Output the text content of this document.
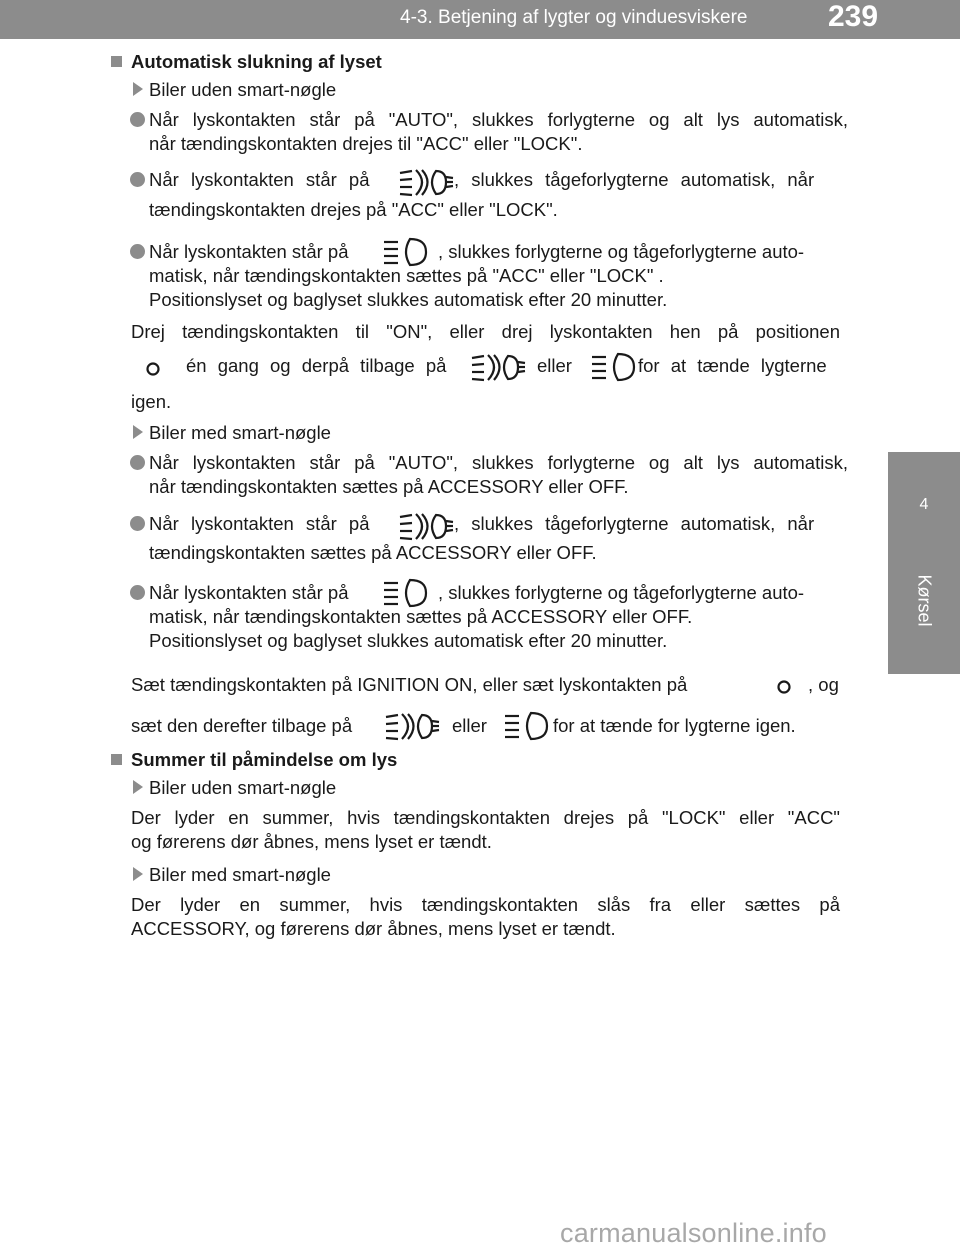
4-3. Betjening af lygter og vinduesviskere	239
4
Kørsel
Automatisk slukning af lyset
Biler uden smart-nøgle
Når lyskontakten står på "AUTO", slukkes forlygterne og alt lys automatisk,
når tændingskontakten drejes til "ACC" eller "LOCK".
Når lyskontakten står på	, slukkes tågeforlygterne automatisk, når
tændingskontakten drejes på "ACC" eller "LOCK".
Når lyskontakten står på	, slukkes forlygterne og tågeforlygterne auto-
matisk, når tændingskontakten sættes på "ACC" eller "LOCK" .
Positionslyset og baglyset slukkes automatisk efter 20 minutter.
Drej tændingskontakten til "ON", eller drej lyskontakten hen på positionen
én gang og derpå tilbage på	eller	for at tænde lygterne
igen.
Biler med smart-nøgle
Når lyskontakten står på "AUTO", slukkes forlygterne og alt lys automatisk,
når tændingskontakten sættes på ACCESSORY eller OFF.
Når lyskontakten står på	, slukkes tågeforlygterne automatisk, når
tændingskontakten sættes på ACCESSORY eller OFF.
Når lyskontakten står på	, slukkes forlygterne og tågeforlygterne auto-
matisk, når tændingskontakten sættes på ACCESSORY eller OFF.
Positionslyset og baglyset slukkes automatisk efter 20 minutter.
Sæt tændingskontakten på IGNITION ON, eller sæt lyskontakten på	, og
sæt den derefter tilbage på	eller	for at tænde for lygterne igen.
Summer til påmindelse om lys
Biler uden smart-nøgle
Der lyder en summer, hvis tændingskontakten drejes på "LOCK" eller "ACC"
og førerens dør åbnes, mens lyset er tændt.
Biler med smart-nøgle
Der lyder en summer, hvis tændingskontakten slås fra eller sættes på
ACCESSORY, og førerens dør åbnes, mens lyset er tændt.
carmanualsonline.info
